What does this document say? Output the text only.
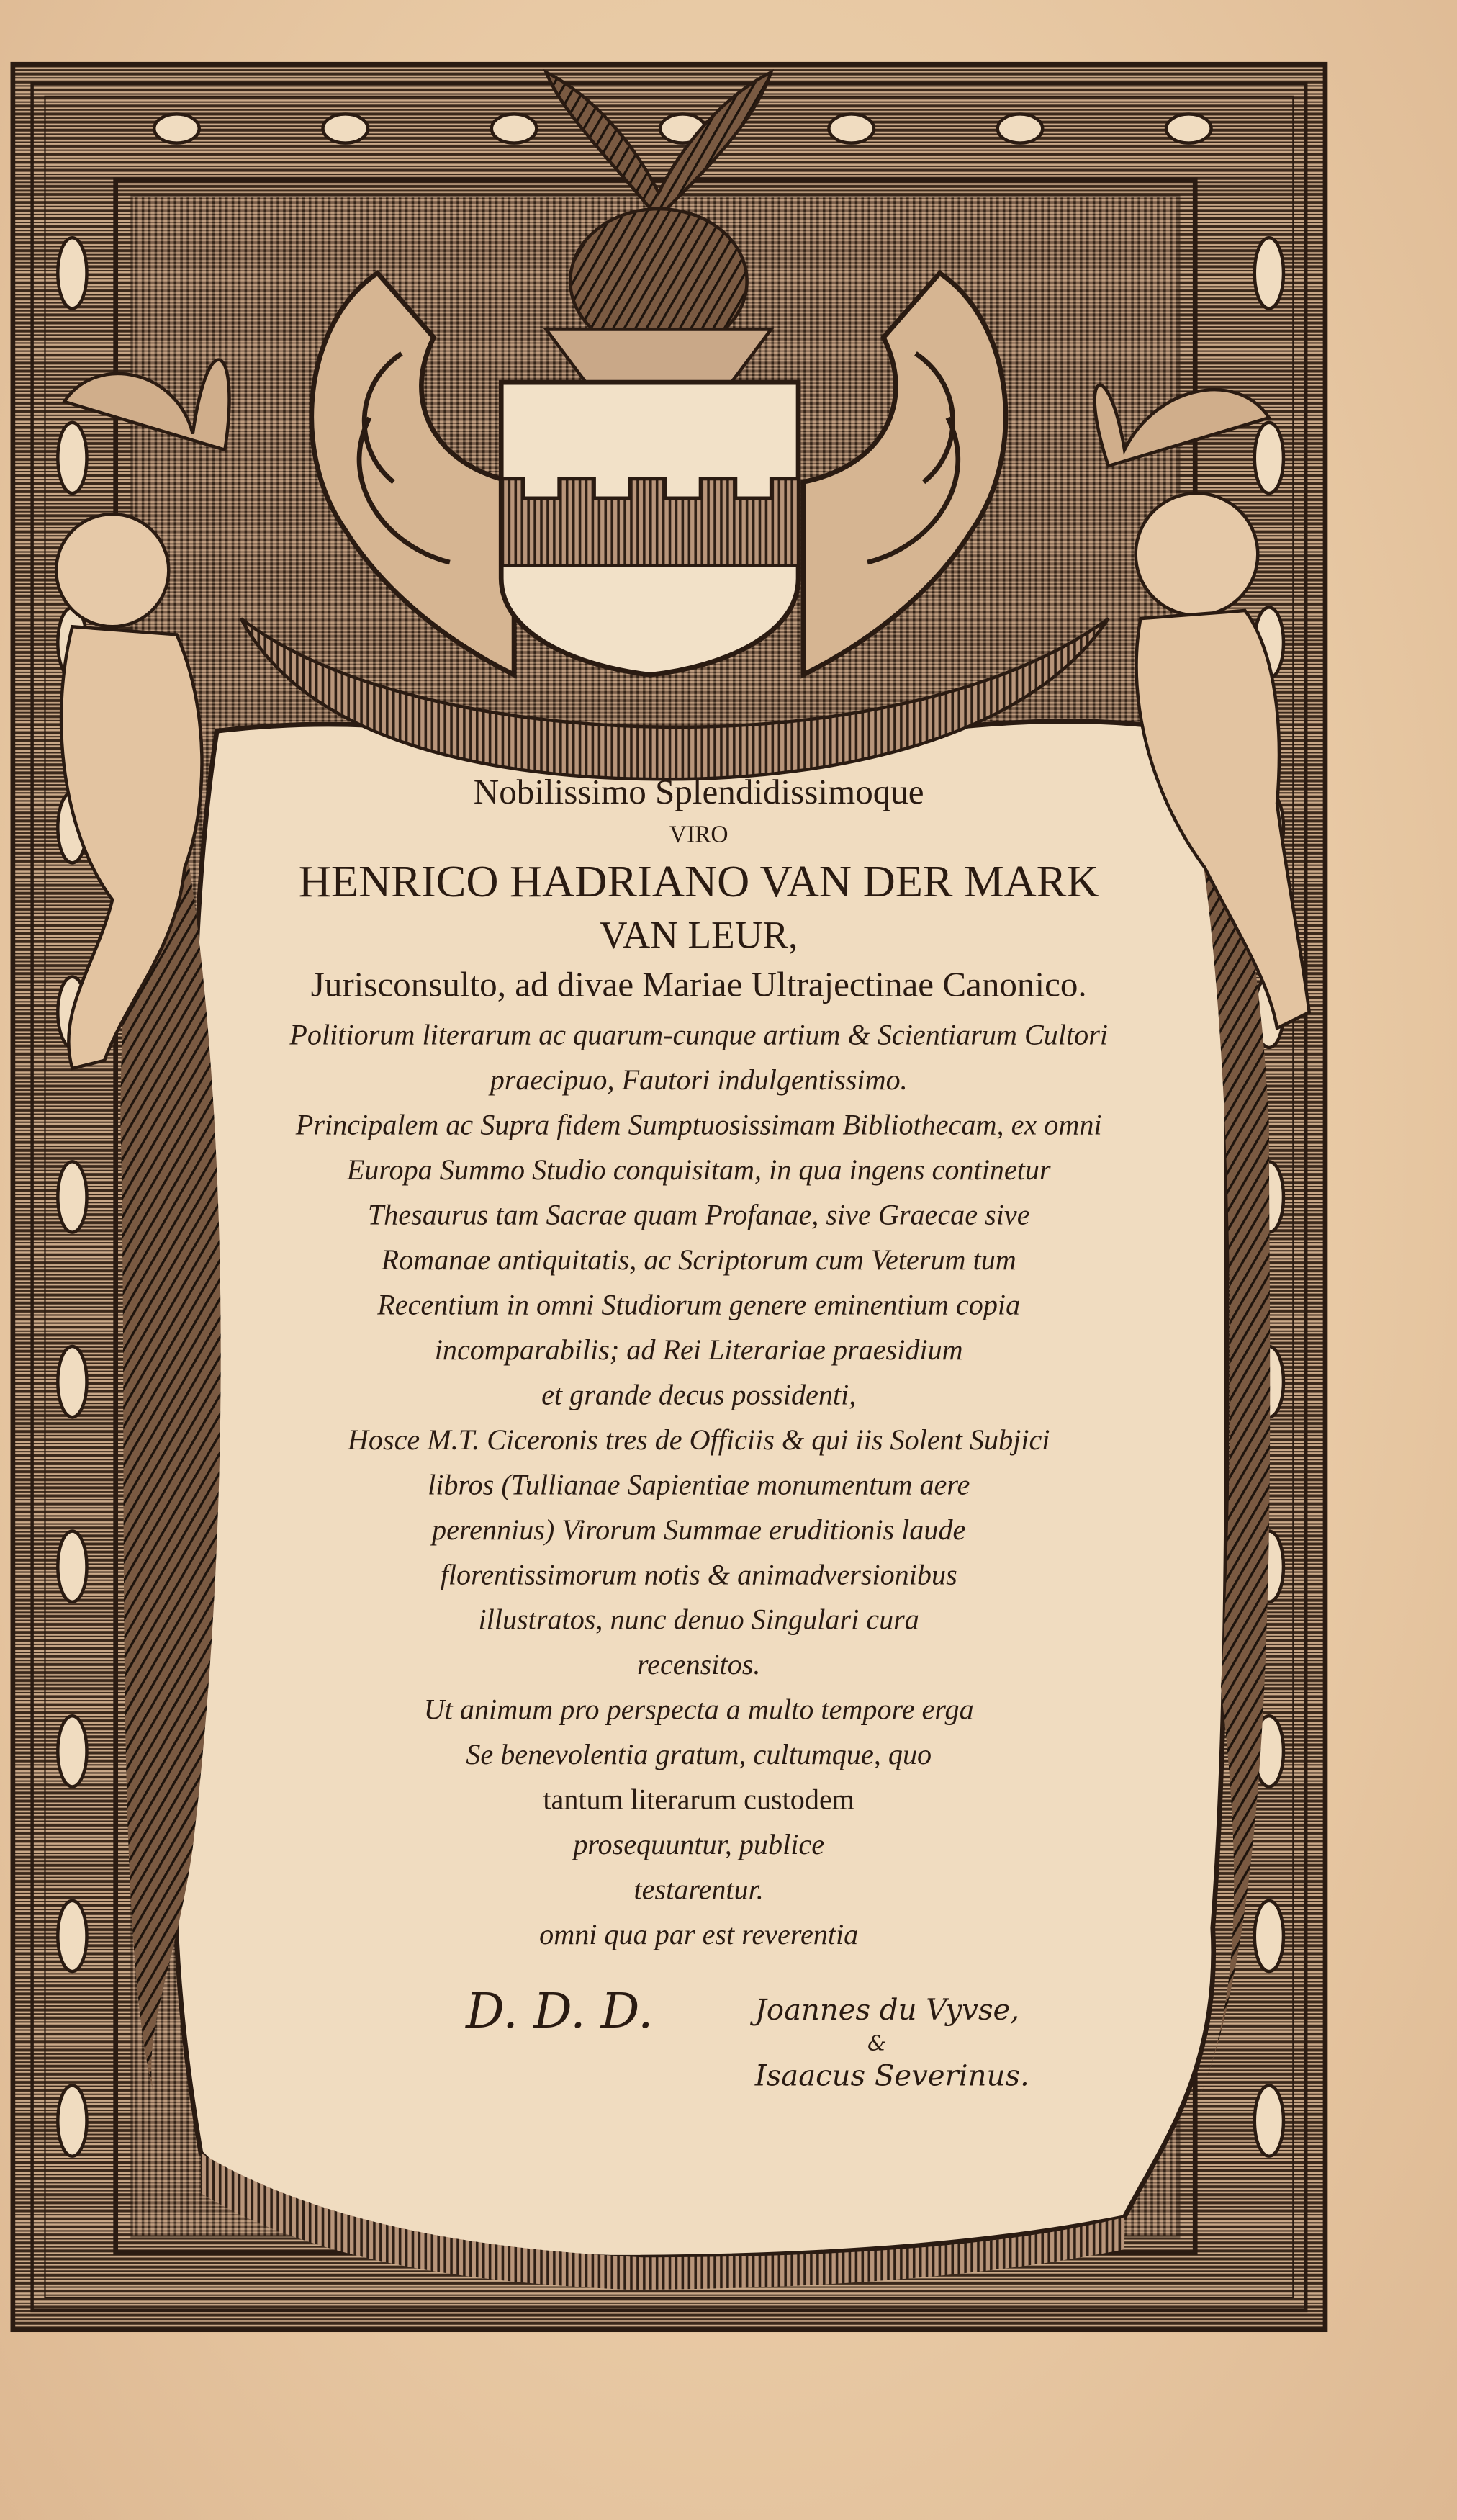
Nobilissimo Splendidissimoque
VIRO
HENRICO HADRIANO VAN DER MARK
VAN LEUR,
Jurisconsulto, ad divae Mariae Ultrajectinae Canonico.
Politiorum literarum ac quarum-cunque artium & Scientiarum Cultori
praecipuo, Fautori indulgentissimo.
Principalem ac Supra fidem Sumptuosissimam Bibliothecam, ex omni
Europa Summo Studio conquisitam, in qua ingens continetur
Thesaurus tam Sacrae quam Profanae, sive Graecae sive
Romanae antiquitatis, ac Scriptorum cum Veterum tum
Recentium in omni Studiorum genere eminentium copia
incomparabilis; ad Rei Literariae praesidium
et grande decus possidenti,
Hosce M.T. Ciceronis tres de Officiis & qui iis Solent Subjici
libros (Tullianae Sapientiae monumentum aere
perennius) Virorum Summae eruditionis laude
florentissimorum notis & animadversionibus
illustratos, nunc denuo Singulari cura
recensitos.
Ut animum pro perspecta a multo tempore erga
Se benevolentia gratum, cultumque, quo
tantum literarum custodem
prosequuntur, publice
testarentur.
omni qua par est reverentia
D. D. D.	Joannes du Vyvse,
&
Isaacus Severinus.
